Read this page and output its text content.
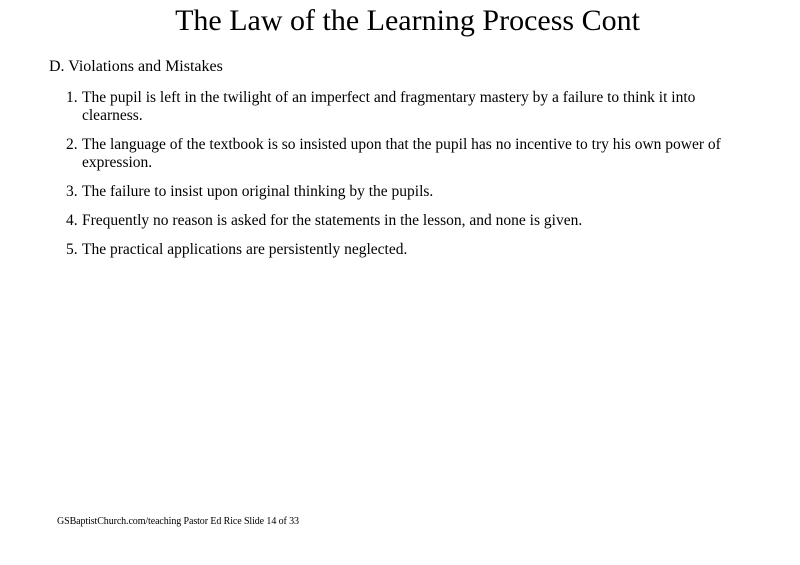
The Law of the Learning Process Cont
D. Violations and Mistakes
1. The pupil is left in the twilight of an imperfect and fragmentary mastery by a failure to think it into clearness.
2. The language of the textbook is so insisted upon that the pupil has no incentive to try his own power of expression.
3. The failure to insist upon original thinking by the pupils.
4. Frequently no reason is asked for the statements in the lesson, and none is given.
5. The practical applications are persistently neglected.
GSBaptistChurch.com/teaching Pastor Ed Rice Slide 14 of 33
